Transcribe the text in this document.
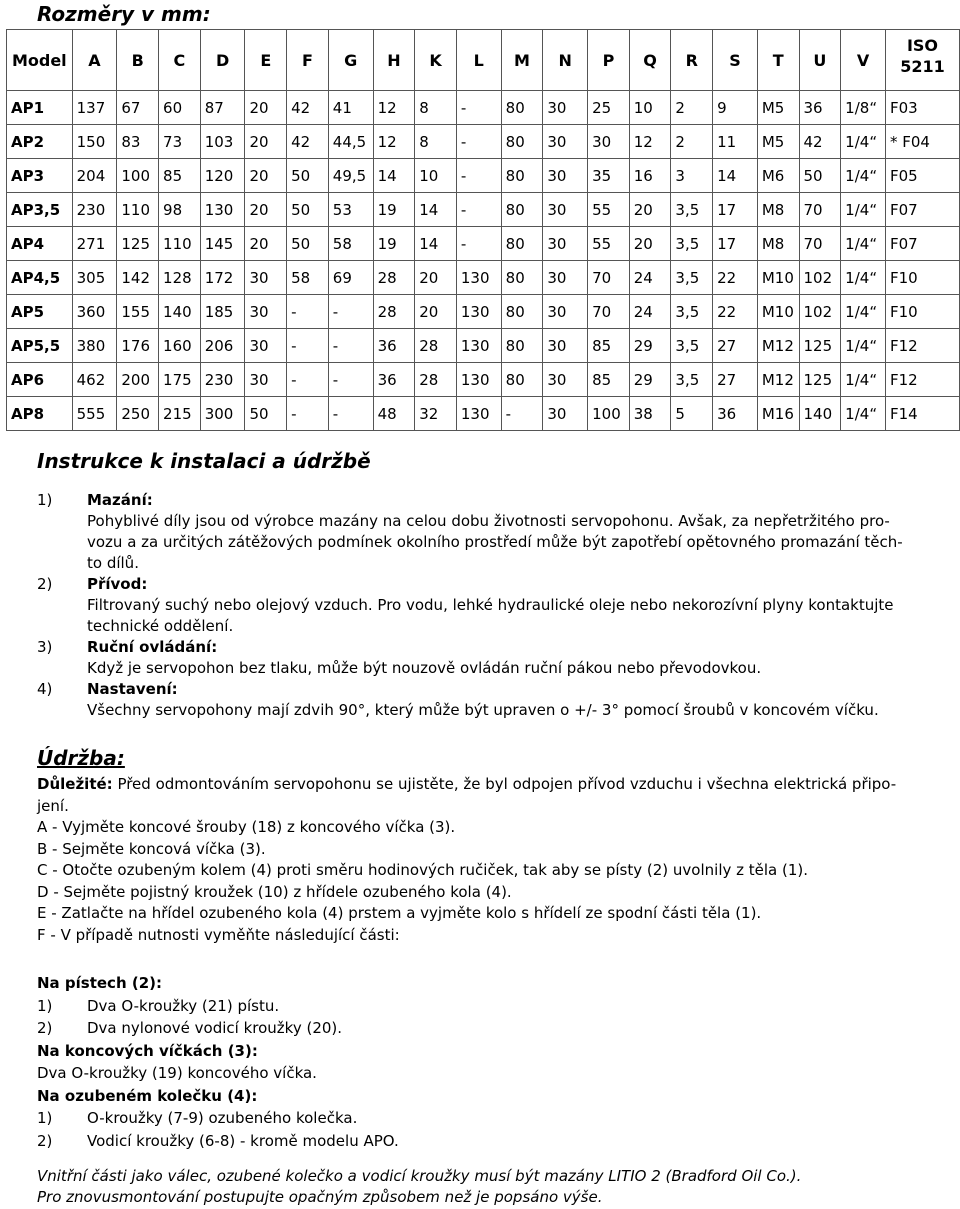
Rozměry v mm:
Model	A	B	C	D	E	F	G	H	K	L	M	N	P	Q	R	S	T	U	V	ISO
5211

AP1	137	67	60	87	20	42	41	12	8	-	80	30	25	10	2	9	M5	36	1/8“	F03
AP2	150	83	73	103	20	42	44,5	12	8	-	80	30	30	12	2	11	M5	42	1/4“	* F04
AP3	204	100	85	120	20	50	49,5	14	10	-	80	30	35	16	3	14	M6	50	1/4“	F05
AP3,5	230	110	98	130	20	50	53	19	14	-	80	30	55	20	3,5	17	M8	70	1/4“	F07
AP4	271	125	110	145	20	50	58	19	14	-	80	30	55	20	3,5	17	M8	70	1/4“	F07
AP4,5	305	142	128	172	30	58	69	28	20	130	80	30	70	24	3,5	22	M10	102	1/4“	F10
AP5	360	155	140	185	30	-	-	28	20	130	80	30	70	24	3,5	22	M10	102	1/4“	F10
AP5,5	380	176	160	206	30	-	-	36	28	130	80	30	85	29	3,5	27	M12	125	1/4“	F12
AP6	462	200	175	230	30	-	-	36	28	130	80	30	85	29	3,5	27	M12	125	1/4“	F12
AP8	555	250	215	300	50	-	-	48	32	130	-	30	100	38	5	36	M16	140	1/4“	F14
Instrukce k instalaci a údržbě
1) Mazání:
Pohyblivé díly jsou od výrobce mazány na celou dobu životnosti servopohonu. Avšak, za nepřetržitého pro-
vozu a za určitých zátěžových podmínek okolního prostředí může být zapotřebí opětovného promazání těch-
to dílů.
2) Přívod:
Filtrovaný suchý nebo olejový vzduch. Pro vodu, lehké hydraulické oleje nebo nekorozívní plyny kontaktujte
technické oddělení.
3) Ruční ovládání:
Když je servopohon bez tlaku, může být nouzově ovládán ruční pákou nebo převodovkou.
4) Nastavení:
Všechny servopohony mají zdvih 90°, který může být upraven o +/- 3° pomocí šroubů v koncovém víčku.
Údržba:
Důležité: Před odmontováním servopohonu se ujistěte, že byl odpojen přívod vzduchu i všechna elektrická připo-
jení.
A - Vyjměte koncové šrouby (18) z koncového víčka (3).
B - Sejměte koncová víčka (3).
C - Otočte ozubeným kolem (4) proti směru hodinových ručiček, tak aby se písty (2) uvolnily z těla (1).
D - Sejměte pojistný kroužek (10) z hřídele ozubeného kola (4).
E - Zatlačte na hřídel ozubeného kola (4) prstem a vyjměte kolo s hřídelí ze spodní části těla (1).
F - V případě nutnosti vyměňte následující části:
Na pístech (2):
1) Dva O-kroužky (21) pístu.
2) Dva nylonové vodicí kroužky (20).
Na koncových víčkách (3):
Dva O-kroužky (19) koncového víčka.
Na ozubeném kolečku (4):
1) O-kroužky (7-9) ozubeného kolečka.
2) Vodicí kroužky (6-8) - kromě modelu APO.
Vnitřní části jako válec, ozubené kolečko a vodicí kroužky musí být mazány LITIO 2 (Bradford Oil Co.).
Pro znovusmontování postupujte opačným způsobem než je popsáno výše.
